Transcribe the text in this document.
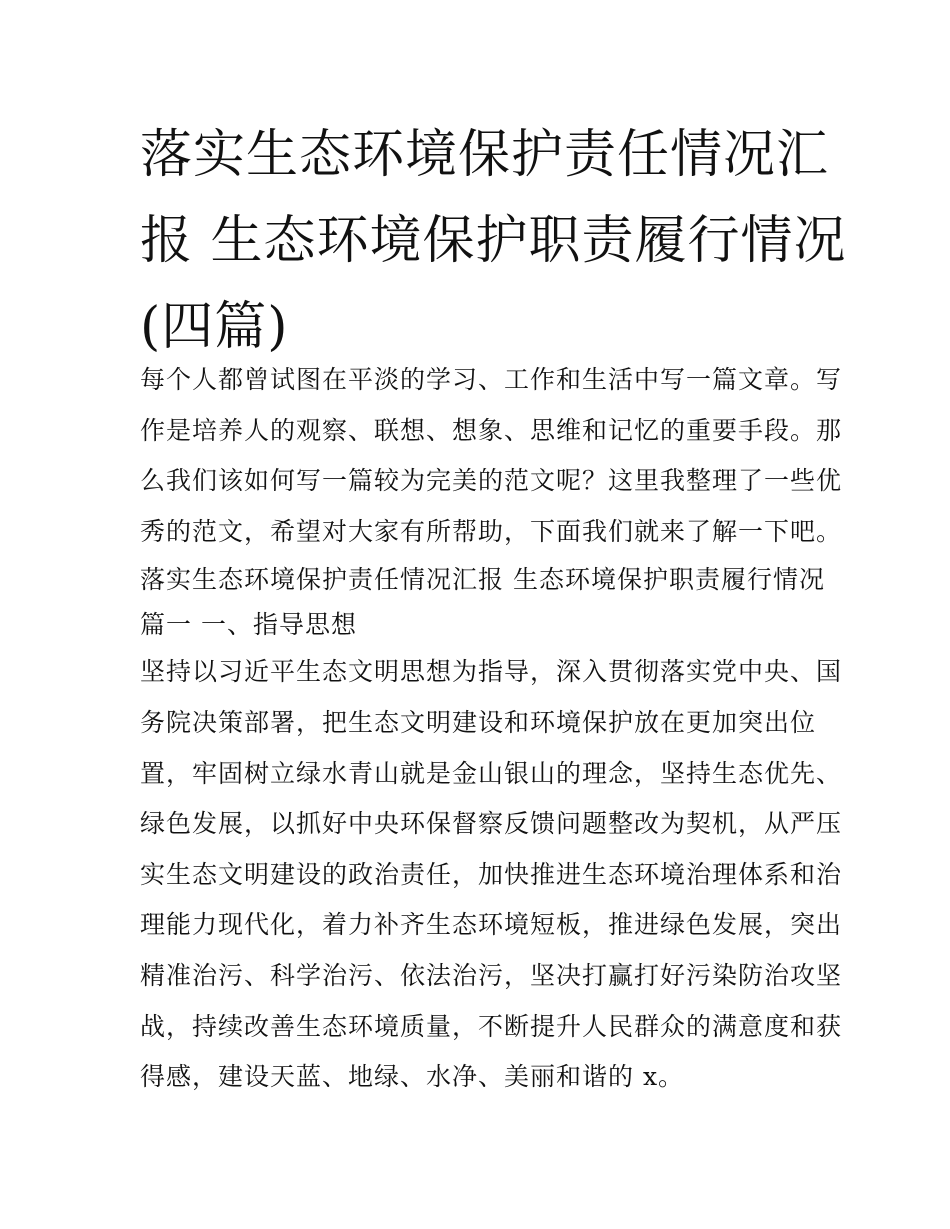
落实生态环境保护责任情况汇
报 生态环境保护职责履行情况
(四篇)
每个人都曾试图在平淡的学习、工作和生活中写一篇文章。写
作是培养人的观察、联想、想象、思维和记忆的重要手段。那
么我们该如何写一篇较为完美的范文呢？这里我整理了一些优
秀的范文，希望对大家有所帮助，下面我们就来了解一下吧。
落实生态环境保护责任情况汇报 生态环境保护职责履行情况
篇一 一、指导思想
坚持以习近平生态文明思想为指导，深入贯彻落实党中央、国
务院决策部署，把生态文明建设和环境保护放在更加突出位
置，牢固树立绿水青山就是金山银山的理念，坚持生态优先、
绿色发展，以抓好中央环保督察反馈问题整改为契机，从严压
实生态文明建设的政治责任，加快推进生态环境治理体系和治
理能力现代化，着力补齐生态环境短板，推进绿色发展，突出
精准治污、科学治污、依法治污，坚决打赢打好污染防治攻坚
战，持续改善生态环境质量，不断提升人民群众的满意度和获
得感，建设天蓝、地绿、水净、美丽和谐的 x。
